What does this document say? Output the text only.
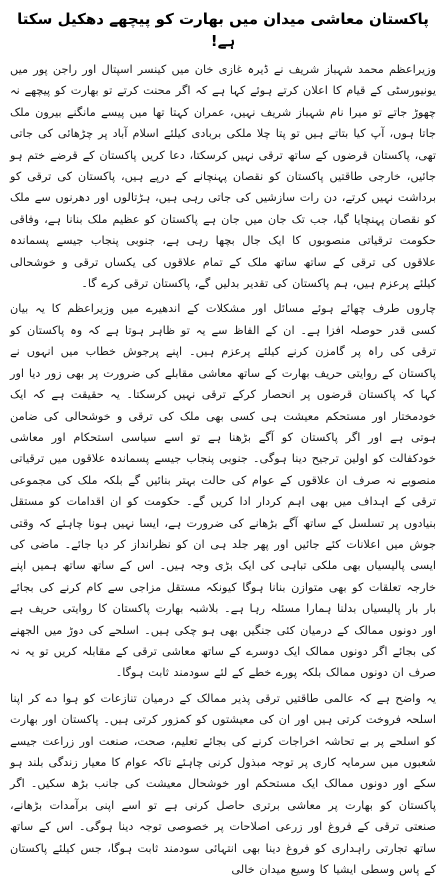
پاکستان معاشی میدان میں بھارت کو پیچھے دھکیل سکتا ہے!

وزیراعظم محمد شہباز شریف نے ڈیرہ غازی خان میں کینسر اسپتال اور راجن پور میں یونیورسٹی کے قیام کا اعلان کرتے ہوئے کہا ہے کہ اگر محنت کرتے تو بھارت کو پیچھے نہ چھوڑ جاتے تو میرا نام شہباز شریف نہیں، عمران کہتا تھا میں پیسے مانگنے بیرون ملک جاتا ہوں، آپ کیا بتاتے ہیں تو پتا چلا ملکی بربادی کیلئے اسلام آباد پر چڑھائی کی جاتی تھی، پاکستان قرضوں کے ساتھ ترقی نہیں کرسکتا، دعا کریں پاکستان کے قرضے ختم ہو جائیں، خارجی طاقتیں پاکستان کو نقصان پہنچانے کے درپے ہیں، پاکستان کی ترقی کو برداشت نہیں کرتے، دن رات سازشیں کی جاتی رہی ہیں، ہڑتالوں اور دھرنوں سے ملک کو نقصان پہنچایا گیا، جب تک جان میں جان ہے پاکستان کو عظیم ملک بنانا ہے، وفاقی حکومت ترقیاتی منصوبوں کا ایک جال بچھا رہی ہے، جنوبی پنجاب جیسے پسماندہ علاقوں کی ترقی کے ساتھ ساتھ ملک کے تمام علاقوں کی یکساں ترقی و خوشحالی کیلئے پرعزم ہیں، ہم پاکستان کی تقدیر بدلیں گے، پاکستان ترقی کرے گا۔

چاروں طرف چھائے ہوئے مسائل اور مشکلات کے اندھیرے میں وزیراعظم کا یہ بیان کسی قدر حوصلہ افزا ہے۔ ان کے الفاظ سے یہ تو ظاہر ہوتا ہے کہ وہ پاکستان کو ترقی کی راہ پر گامزن کرنے کیلئے پرعزم ہیں۔ اپنے پرجوش خطاب میں انہوں نے پاکستان کے روایتی حریف بھارت کے ساتھ معاشی مقابلے کی ضرورت پر بھی زور دیا اور کہا کہ پاکستان قرضوں پر انحصار کرکے ترقی نہیں کرسکتا۔ یہ حقیقت ہے کہ ایک خودمختار اور مستحکم معیشت ہی کسی بھی ملک کی ترقی و خوشحالی کی ضامن ہوتی ہے اور اگر پاکستان کو آگے بڑھنا ہے تو اسے سیاسی استحکام اور معاشی خودکفالت کو اولین ترجیح دینا ہوگی۔ جنوبی پنجاب جیسے پسماندہ علاقوں میں ترقیاتی منصوبے نہ صرف ان علاقوں کے عوام کی حالت بہتر بنائیں گے بلکہ ملک کی مجموعی ترقی کے اہداف میں بھی اہم کردار ادا کریں گے۔ حکومت کو ان اقدامات کو مستقل بنیادوں پر تسلسل کے ساتھ آگے بڑھانے کی ضرورت ہے، ایسا نہیں ہونا چاہئے کہ وقتی جوش میں اعلانات کئے جائیں اور پھر جلد ہی ان کو نظرانداز کر دیا جائے۔ ماضی کی ایسی پالیسیاں بھی ملکی تباہی کی ایک بڑی وجہ ہیں۔ اس کے ساتھ ساتھ ہمیں اپنے خارجہ تعلقات کو بھی متوازن بنانا ہوگا کیونکہ مستقل مزاجی سے کام کرنے کی بجائے بار بار پالیسیاں بدلنا ہمارا مسئلہ رہا ہے۔ بلاشبہ بھارت پاکستان کا روایتی حریف ہے اور دونوں ممالک کے درمیان کئی جنگیں بھی ہو چکی ہیں۔ اسلحے کی دوڑ میں الجھنے کی بجائے اگر دونوں ممالک ایک دوسرے کے ساتھ معاشی ترقی کے مقابلہ کریں تو یہ نہ صرف ان دونوں ممالک بلکہ پورے خطے کے لئے سودمند ثابت ہوگا۔

یہ واضح ہے کہ عالمی طاقتیں ترقی پذیر ممالک کے درمیان تنازعات کو ہوا دے کر اپنا اسلحہ فروخت کرتی ہیں اور ان کی معیشتوں کو کمزور کرتی ہیں۔ پاکستان اور بھارت کو اسلحے پر بے تحاشہ اخراجات کرنے کی بجائے تعلیم، صحت، صنعت اور زراعت جیسے شعبوں میں سرمایہ کاری پر توجہ مبذول کرنی چاہئے تاکہ عوام کا معیار زندگی بلند ہو سکے اور دونوں ممالک ایک مستحکم اور خوشحال معیشت کی جانب بڑھ سکیں۔ اگر پاکستان کو بھارت پر معاشی برتری حاصل کرنی ہے تو اسے اپنی برآمدات بڑھانے، صنعتی ترقی کے فروغ اور زرعی اصلاحات پر خصوصی توجہ دینا ہوگی۔ اس کے ساتھ ساتھ تجارتی راہداری کو فروغ دینا بھی انتہائی سودمند ثابت ہوگا، جس کیلئے پاکستان کے پاس وسطی ایشیا کا وسیع میدان خالی
